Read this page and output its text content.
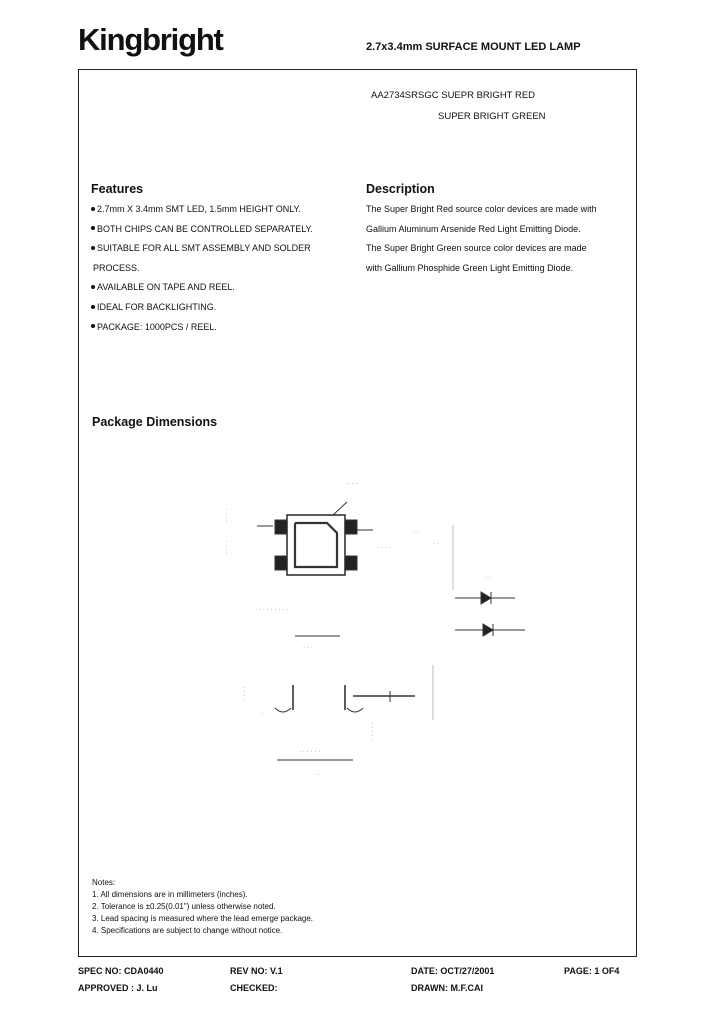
Kingbright	2.7x3.4mm SURFACE MOUNT LED LAMP
AA2734SRSGC SUEPR BRIGHT RED
SUPER BRIGHT GREEN
Features
2.7mm X 3.4mm SMT LED, 1.5mm HEIGHT ONLY.
BOTH CHIPS CAN BE CONTROLLED SEPARATELY.
SUITABLE FOR ALL SMT ASSEMBLY AND SOLDER
PROCESS.
AVAILABLE ON TAPE AND REEL.
IDEAL FOR BACKLIGHTING.
PACKAGE: 1000PCS / REEL.
Description
The Super Bright Red source color devices are made with
Gallium Aluminum Arsenide Red Light Emitting Diode.
The Super Bright Green source color devices are made
with Gallium Phosphide Green Light Emitting Diode.
Package Dimensions
. . .
. . . .
. . . .	. . . .
. .
. .
. . . . . . . . .
. . .
. .
. . . .
.
. . . . . .
. .
. . . . .
Notes:
1. All dimensions are in millimeters (inches).
2. Tolerance is ±0.25(0.01") unless otherwise noted.
3. Lead spacing is measured where the lead emerge package.
4. Specifications are subject to change without notice.
SPEC NO: CDA0440	REV NO: V.1	DATE: OCT/27/2001	PAGE: 1 OF4
APPROVED : J. Lu	CHECKED:	DRAWN: M.F.CAI
